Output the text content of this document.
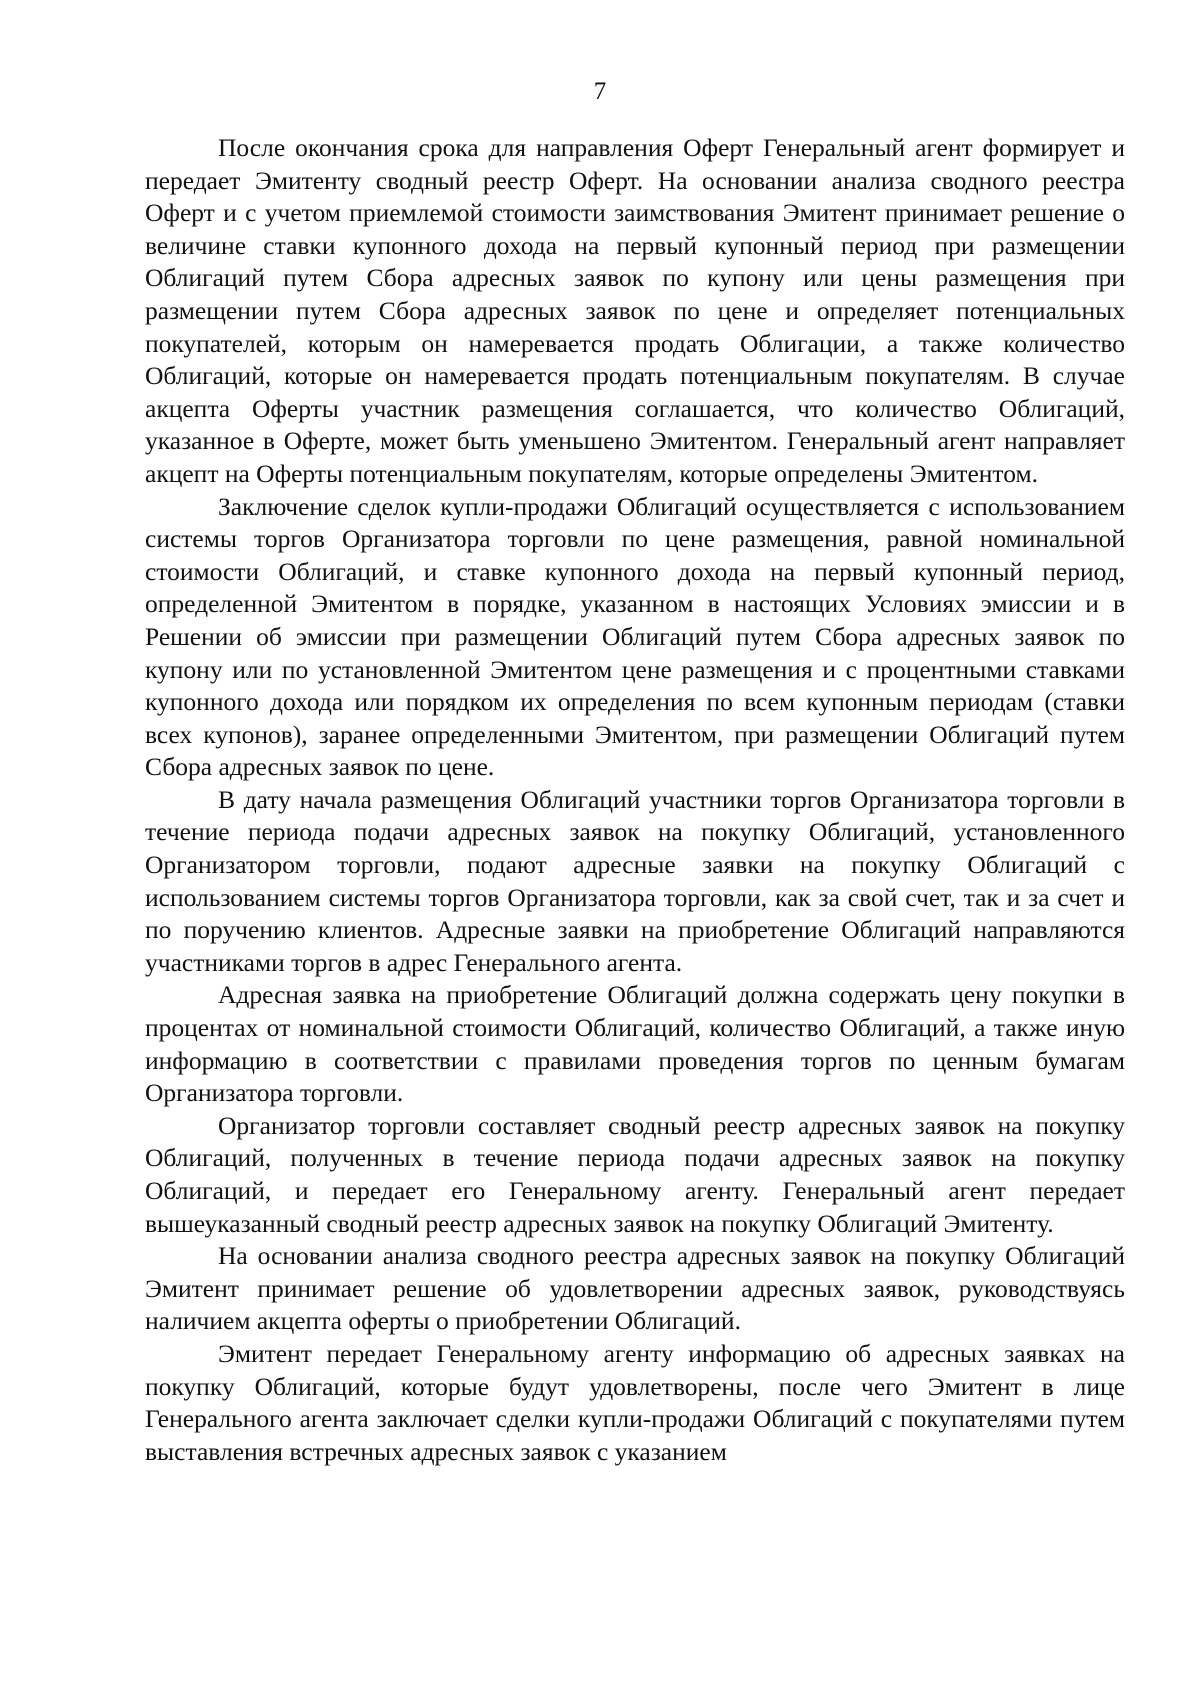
7

После окончания срока для направления Оферт Генеральный агент формирует и передает Эмитенту сводный реестр Оферт. На основании анализа сводного реестра Оферт и с учетом приемлемой стоимости заимствования Эмитент принимает решение о величине ставки купонного дохода на первый купонный период при размещении Облигаций путем Сбора адресных заявок по купону или цены размещения при размещении путем Сбора адресных заявок по цене и определяет потенциальных покупателей, которым он намеревается продать Облигации, а также количество Облигаций, которые он намеревается продать потенциальным покупателям. В случае акцепта Оферты участник размещения соглашается, что количество Облигаций, указанное в Оферте, может быть уменьшено Эмитентом. Генеральный агент направляет акцепт на Оферты потенциальным покупателям, которые определены Эмитентом.

Заключение сделок купли-продажи Облигаций осуществляется с использованием системы торгов Организатора торговли по цене размещения, равной номинальной стоимости Облигаций, и ставке купонного дохода на первый купонный период, определенной Эмитентом в порядке, указанном в настоящих Условиях эмиссии и в Решении об эмиссии при размещении Облигаций путем Сбора адресных заявок по купону или по установленной Эмитентом цене размещения и с процентными ставками купонного дохода или порядком их определения по всем купонным периодам (ставки всех купонов), заранее определенными Эмитентом, при размещении Облигаций путем Сбора адресных заявок по цене.

В дату начала размещения Облигаций участники торгов Организатора торговли в течение периода подачи адресных заявок на покупку Облигаций, установленного Организатором торговли, подают адресные заявки на покупку Облигаций с использованием системы торгов Организатора торговли, как за свой счет, так и за счет и по поручению клиентов. Адресные заявки на приобретение Облигаций направляются участниками торгов в адрес Генерального агента.

Адресная заявка на приобретение Облигаций должна содержать цену покупки в процентах от номинальной стоимости Облигаций, количество Облигаций, а также иную информацию в соответствии с правилами проведения торгов по ценным бумагам Организатора торговли.

Организатор торговли составляет сводный реестр адресных заявок на покупку Облигаций, полученных в течение периода подачи адресных заявок на покупку Облигаций, и передает его Генеральному агенту. Генеральный агент передает вышеуказанный сводный реестр адресных заявок на покупку Облигаций Эмитенту.

На основании анализа сводного реестра адресных заявок на покупку Облигаций Эмитент принимает решение об удовлетворении адресных заявок, руководствуясь наличием акцепта оферты о приобретении Облигаций.

Эмитент передает Генеральному агенту информацию об адресных заявках на покупку Облигаций, которые будут удовлетворены, после чего Эмитент в лице Генерального агента заключает сделки купли-продажи Облигаций с покупателями путем выставления встречных адресных заявок с указанием
